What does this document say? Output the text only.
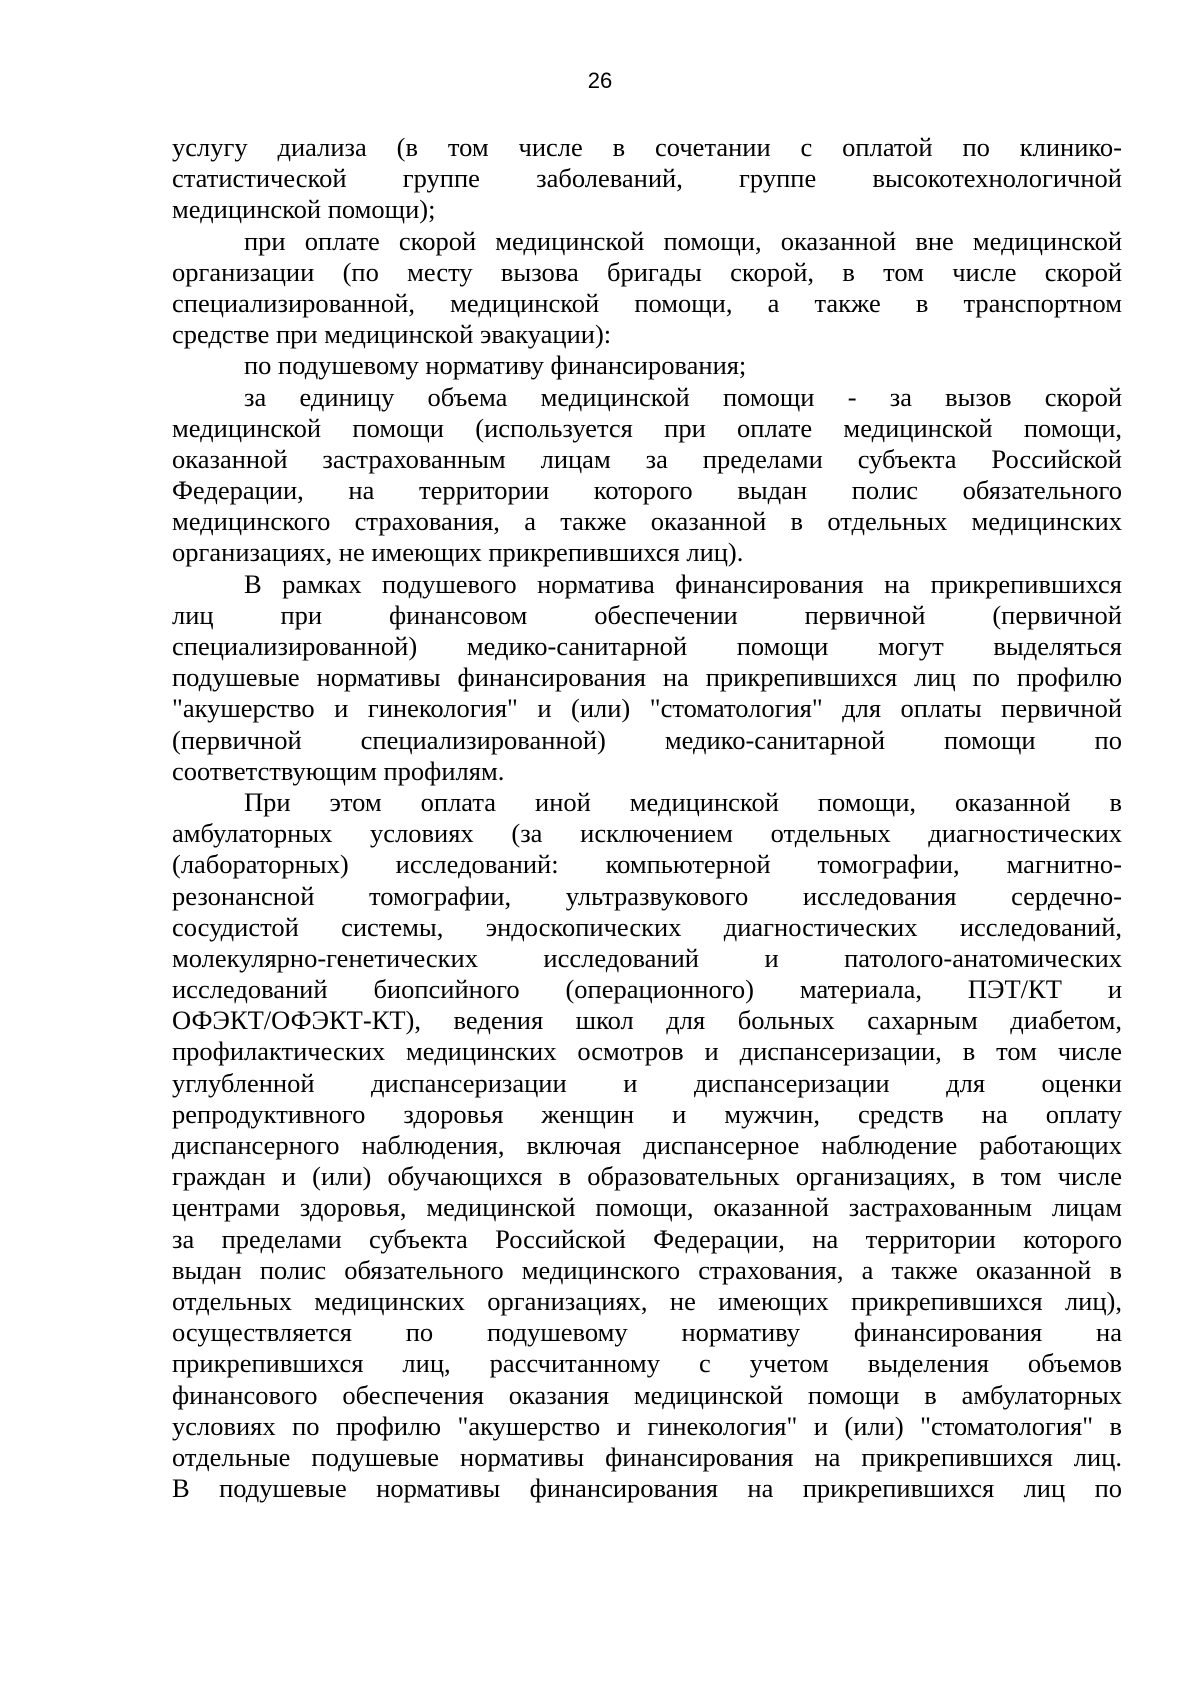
26
услугу диализа (в том числе в сочетании с оплатой по клинико-
статистической группе заболеваний, группе высокотехнологичной
медицинской помощи);
при оплате скорой медицинской помощи, оказанной вне медицинской
организации (по месту вызова бригады скорой, в том числе скорой
специализированной, медицинской помощи, а также в транспортном
средстве при медицинской эвакуации):
по подушевому нормативу финансирования;
за единицу объема медицинской помощи - за вызов скорой
медицинской помощи (используется при оплате медицинской помощи,
оказанной застрахованным лицам за пределами субъекта Российской
Федерации, на территории которого выдан полис обязательного
медицинского страхования, а также оказанной в отдельных медицинских
организациях, не имеющих прикрепившихся лиц).
В рамках подушевого норматива финансирования на прикрепившихся
лиц при финансовом обеспечении первичной (первичной
специализированной) медико-санитарной помощи могут выделяться
подушевые нормативы финансирования на прикрепившихся лиц по профилю
"акушерство и гинекология" и (или) "стоматология" для оплаты первичной
(первичной специализированной) медико-санитарной помощи по
соответствующим профилям.
При этом оплата иной медицинской помощи, оказанной в
амбулаторных условиях (за исключением отдельных диагностических
(лабораторных) исследований: компьютерной томографии, магнитно-
резонансной томографии, ультразвукового исследования сердечно-
сосудистой системы, эндоскопических диагностических исследований,
молекулярно-генетических исследований и патолого-анатомических
исследований биопсийного (операционного) материала, ПЭТ/КТ и
ОФЭКТ/ОФЭКТ-КТ), ведения школ для больных сахарным диабетом,
профилактических медицинских осмотров и диспансеризации, в том числе
углубленной диспансеризации и диспансеризации для оценки
репродуктивного здоровья женщин и мужчин, средств на оплату
диспансерного наблюдения, включая диспансерное наблюдение работающих
граждан и (или) обучающихся в образовательных организациях, в том числе
центрами здоровья, медицинской помощи, оказанной застрахованным лицам
за пределами субъекта Российской Федерации, на территории которого
выдан полис обязательного медицинского страхования, а также оказанной в
отдельных медицинских организациях, не имеющих прикрепившихся лиц),
осуществляется по подушевому нормативу финансирования на
прикрепившихся лиц, рассчитанному с учетом выделения объемов
финансового обеспечения оказания медицинской помощи в амбулаторных
условиях по профилю "акушерство и гинекология" и (или) "стоматология" в
отдельные подушевые нормативы финансирования на прикрепившихся лиц.
В подушевые нормативы финансирования на прикрепившихся лиц по
